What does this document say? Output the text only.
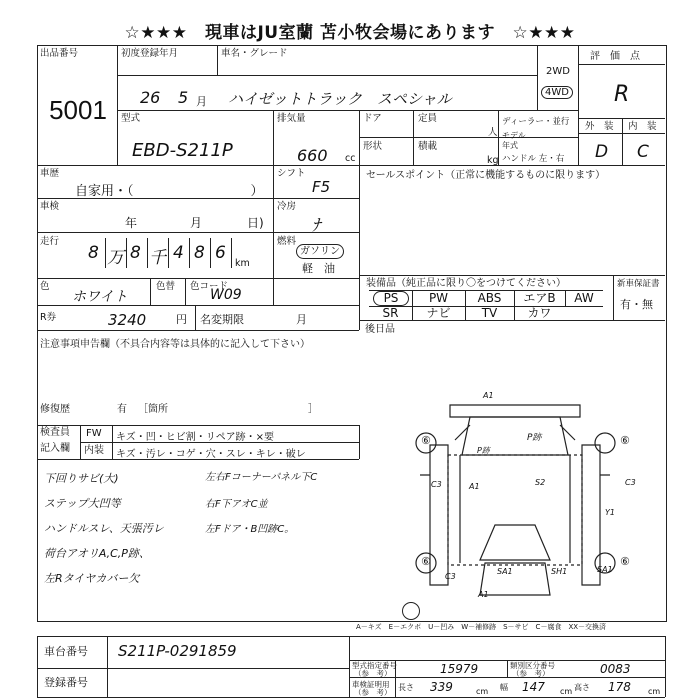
☆★★★　現車はJU室蘭 苫小牧会場にあります　☆★★★
出品番号
5001
初度登録年月	車名・グレード
26 5 月 ハイゼットトラック　スペシャル
2WD
4WD
評　価　点
R
型式
EBD-S211P
排気量
660 cc
ドア	定員
人
ディーラー・並行
モデル
年式
形状	積載
kg ハンドル 左・右
外　装 内　装
D C
車歴
自家用・（　　　　　　　　　）
シフト
F5
セールスポイント（正常に機能するものに限ります）
車検
年	月	日)
冷房
ﾅ
走行
8 万 8 千 4 8 6
km
燃料
ガソリン
軽　油
色
ホワイト
色替 色コード
W09
装備品（純正品に限り〇をつけてください）
PS	PW	ABS	エアB	AW
SR	ナビ	TV	カワ
新車保証書
有・無
R券	3240	円 名変期限	月
後日品
注意事項申告欄（不具合内容等は具体的に記入して下さい）
修復歴	有 ［箇所　　　　　　　　　　　　　　］
検査員
記入欄
FW
内装
キズ・凹・ヒビ割・リペア跡・×要
キズ・汚レ・コゲ・穴・スレ・キレ・破レ
下回りサビ(大)
ステップ大凹等
ハンドルスレ、天張汚レ
荷台アオリA,C,P跡、
左Rタイヤカバー欠
左右Fコーナーパネル下C
右F下アオC並
左Fドア・B凹跡C。
A1
P跡
S2
C3	A1
P跡
C3
Y1
SA1	SH1	SA1
C3
A1
⑥	⑥
⑥	⑥
A－キズ　E－エクボ　U－凹み　W－補修跡　S－サビ　C－腐食　XX－交換済
車台番号 S211P-0291859
登録番号
型式指定番号
（参　考）	15979	類別区分番号
（参　考）	0083
車検証明用
（参　考）
長さ 339	cm 幅 147 cm 高さ 178 cm
